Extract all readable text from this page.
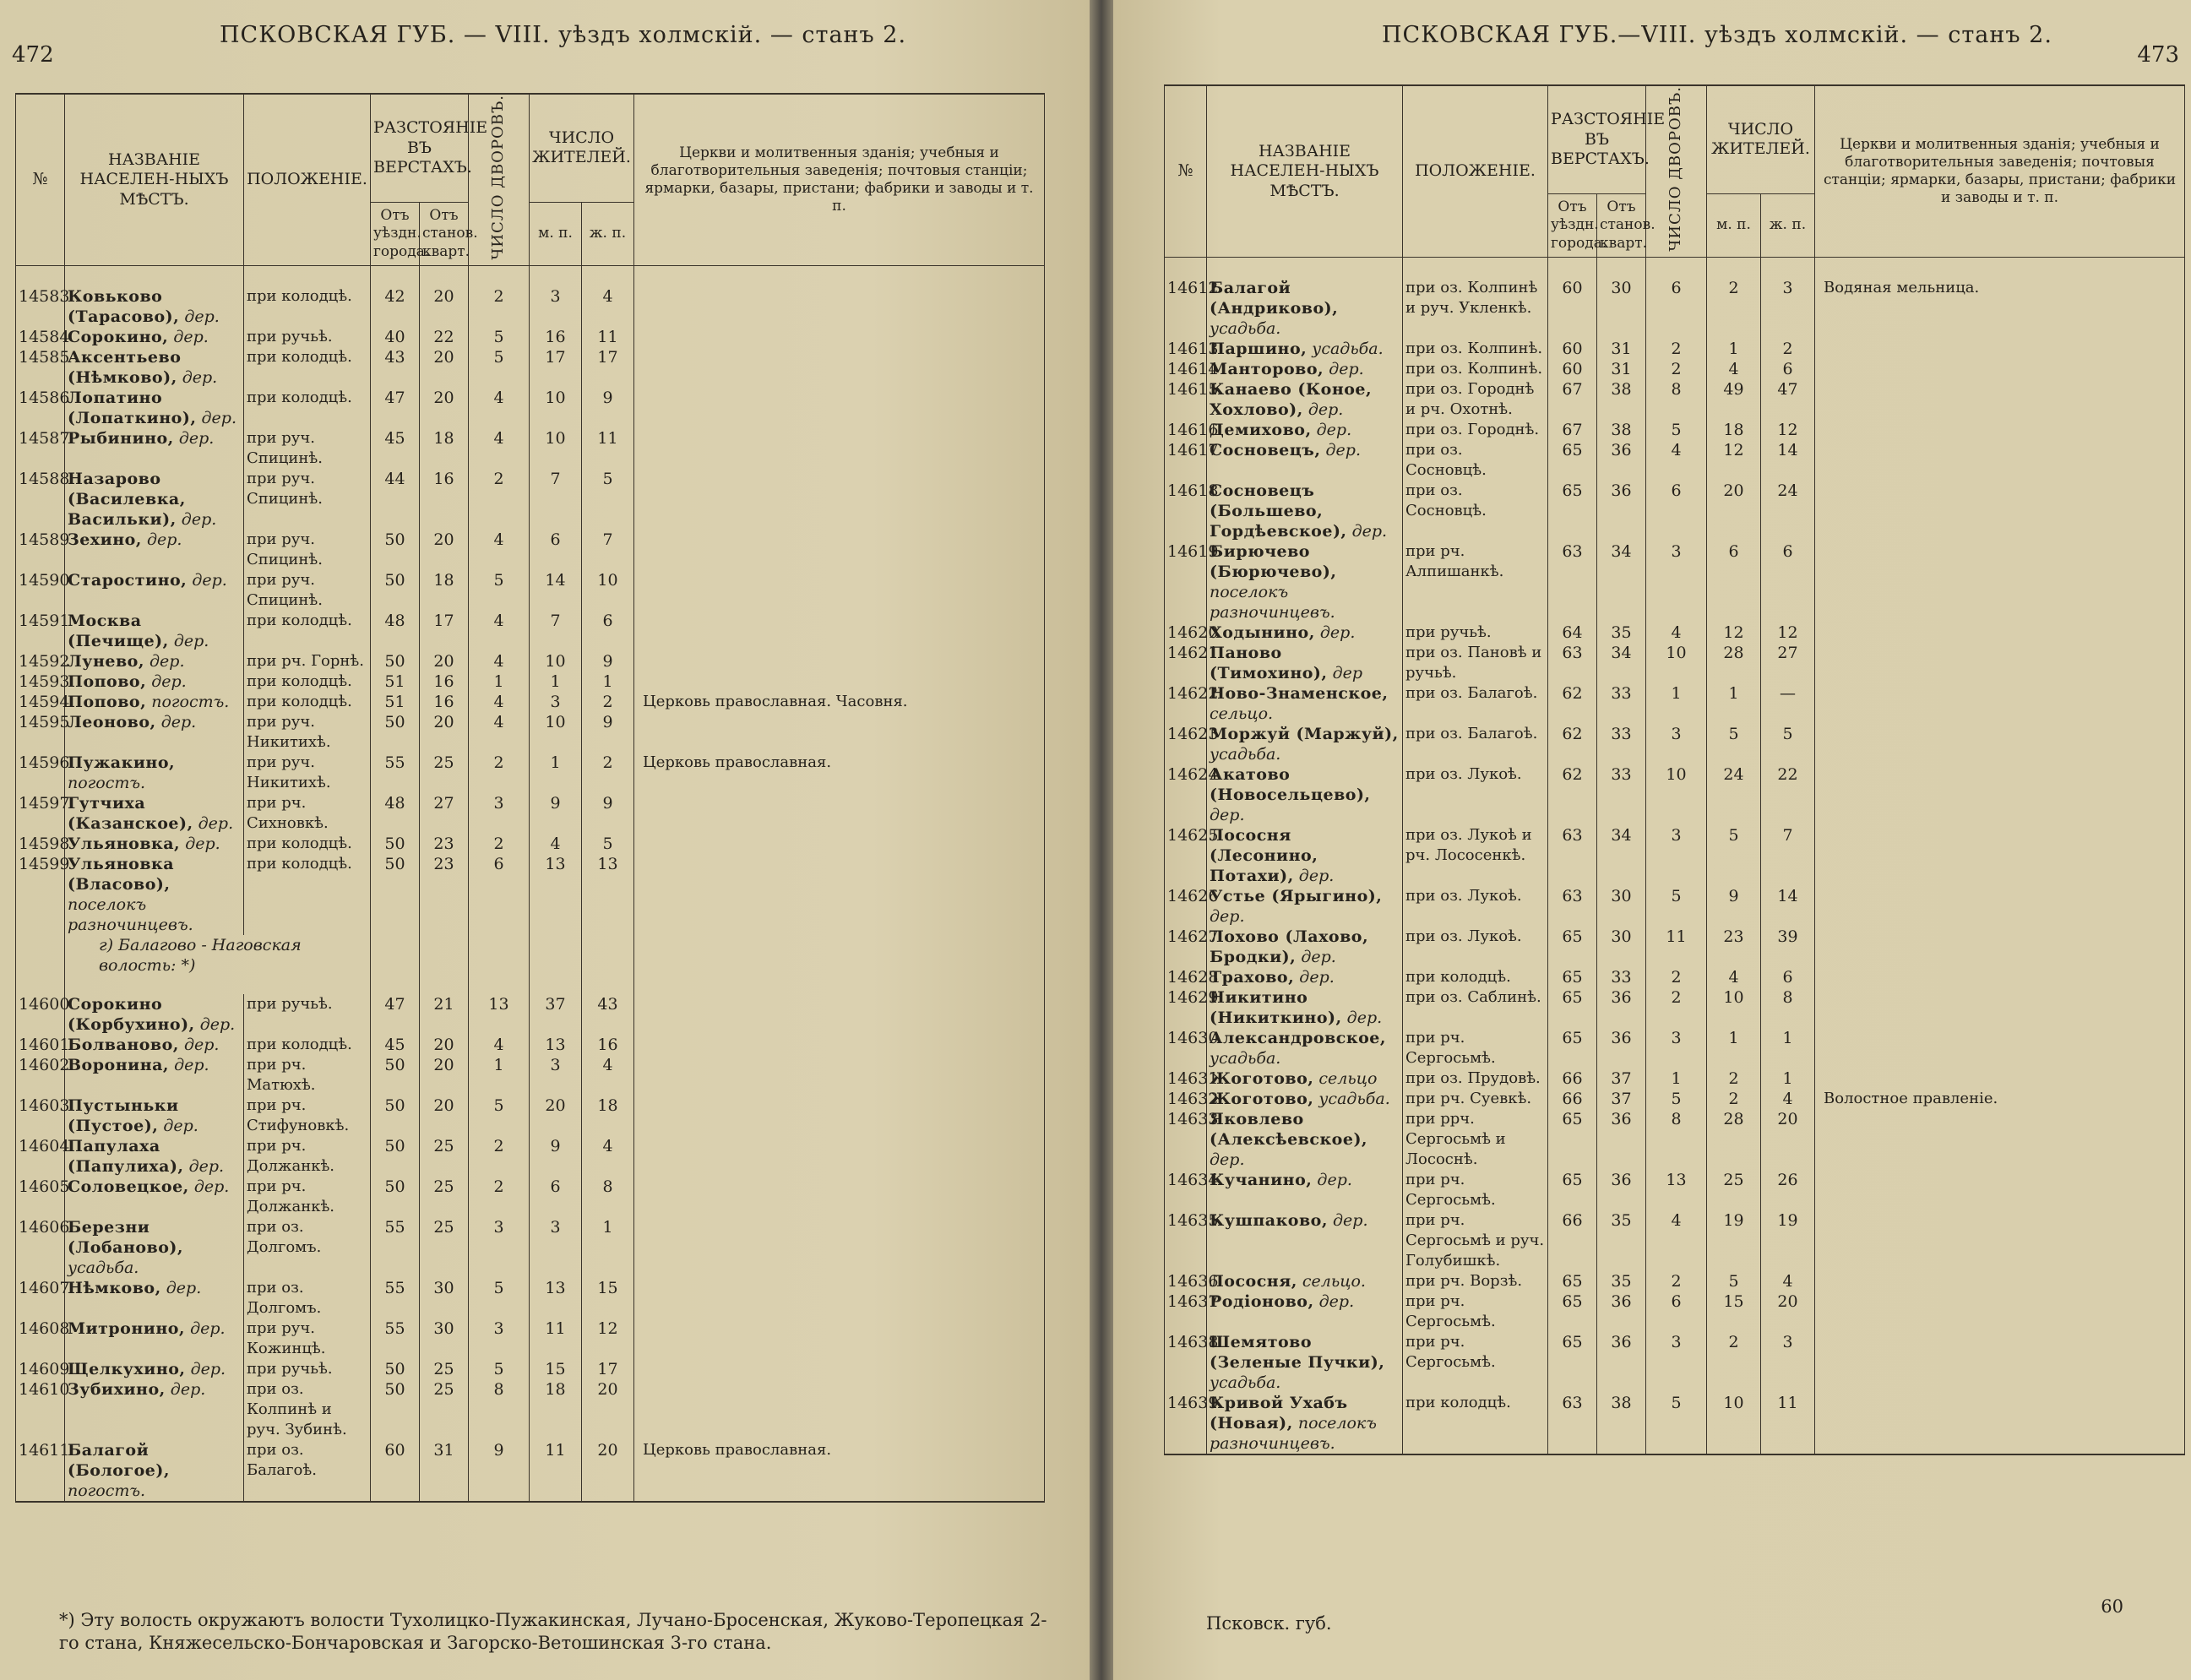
472
ПСКОВСКАЯ ГУБ. — VIII. уѣздъ холмскій. — станъ 2.
№	НАЗВАНІЕ НАСЕЛЕН-НЫХЪ МѢСТЪ.	ПОЛОЖЕНІЕ.	РАЗСТОЯНІЕ ВЪ ВЕРСТАХЪ.		ЧИСЛО ДВОРОВЪ.	ЧИСЛО ЖИТЕЛЕЙ.		Церкви и молитвенныя зданія; учебныя и благотворительныя заведенія; почтовыя станціи; ярмарки, базары, пристани; фабрики и заводы и т. п.
			Отъ уѣздн. города.	Отъ станов. кварт.		м. п.	ж. п.	
14583	Ковьково (Тарасово), дер.	при колодцѣ.	42	20	2	3	4	
14584	Сорокино, дер.	при ручьѣ.	40	22	5	16	11	
14585	Аксентьево (Нѣмково), дер.	при колодцѣ.	43	20	5	17	17	
14586	Лопатино (Лопаткино), дер.	при колодцѣ.	47	20	4	10	9	
14587	Рыбинино, дер.	при руч. Спицинѣ.	45	18	4	10	11	
14588	Назарово (Василевка, Васильки), дер.	при руч. Спицинѣ.	44	16	2	7	5	
14589	Зехино, дер.	при руч. Спицинѣ.	50	20	4	6	7	
14590	Старостино, дер.	при руч. Спицинѣ.	50	18	5	14	10	
14591	Москва (Печище), дер.	при колодцѣ.	48	17	4	7	6	
14592	Лунево, дер.	при рч. Горнѣ.	50	20	4	10	9	
14593	Попово, дер.	при колодцѣ.	51	16	1	1	1	
14594	Попово, погостъ.	при колодцѣ.	51	16	4	3	2	Церковь православная. Часовня.
14595	Леоново, дер.	при руч. Никитихѣ.	50	20	4	10	9	
14596	Пужакино, погостъ.	при руч. Никитихѣ.	55	25	2	1	2	Церковь православная.
14597	Гутчиха (Казанское), дер.	при рч. Сихновкѣ.	48	27	3	9	9	
14598	Ульяновка, дер.	при колодцѣ.	50	23	2	4	5	
14599	Ульяновка (Власово), поселокъ разночинцевъ.	при колодцѣ.	50	23	6	13	13	
	г) Балагово - Наговская волость: *)							
14600	Сорокино (Корбухино), дер.	при ручьѣ.	47	21	13	37	43	
14601	Болваново, дер.	при колодцѣ.	45	20	4	13	16	
14602	Воронина, дер.	при рч. Матюхѣ.	50	20	1	3	4	
14603	Пустыньки (Пустое), дер.	при рч. Стифуновкѣ.	50	20	5	20	18	
14604	Папулаха (Папулиха), дер.	при рч. Должанкѣ.	50	25	2	9	4	
14605	Соловецкое, дер.	при рч. Должанкѣ.	50	25	2	6	8	
14606	Березни (Лобаново), усадьба.	при оз. Долгомъ.	55	25	3	3	1	
14607	Нѣмково, дер.	при оз. Долгомъ.	55	30	5	13	15	
14608	Митронино, дер.	при руч. Кожинцѣ.	55	30	3	11	12	
14609	Щелкухино, дер.	при ручьѣ.	50	25	5	15	17	
14610	Зубихино, дер.	при оз. Колпинѣ и руч. Зубинѣ.	50	25	8	18	20	
14611	Балагой (Бологое), погостъ.	при оз. Балагоѣ.	60	31	9	11	20	Церковь православная.
*) Эту волость окружаютъ волости Тухолицко-Пужакинская, Лучано-Бросенская, Жуково-Теропецкая 2-го стана, Княжесельско-Бончаровская и Загорско-Ветошинская 3-го стана.
473
ПСКОВСКАЯ ГУБ.—VIII. уѣздъ холмскій. — станъ 2.
№	НАЗВАНІЕ НАСЕЛЕН-НЫХЪ МѢСТЪ.	ПОЛОЖЕНІЕ.	РАЗСТОЯНІЕ ВЪ ВЕРСТАХЪ.		ЧИСЛО ДВОРОВЪ.	ЧИСЛО ЖИТЕЛЕЙ.		Церкви и молитвенныя зданія; учебныя и благотворительныя заведенія; почтовыя станціи; ярмарки, базары, пристани; фабрики и заводы и т. п.
			Отъ уѣздн. города.	Отъ станов. кварт.		м. п.	ж. п.	
14612	Балагой (Андриково), усадьба.	при оз. Колпинѣ и руч. Укленкѣ.	60	30	6	2	3	Водяная мельница.
14613	Паршино, усадьба.	при оз. Колпинѣ.	60	31	2	1	2	
14614	Манторово, дер.	при оз. Колпинѣ.	60	31	2	4	6	
14615	Канаево (Коное, Хохлово), дер.	при оз. Городнѣ и рч. Охотнѣ.	67	38	8	49	47	
14616	Демихово, дер.	при оз. Городнѣ.	67	38	5	18	12	
14617	Сосновецъ, дер.	при оз. Сосновцѣ.	65	36	4	12	14	
14618	Сосновецъ (Большево, Гордѣевское), дер.	при оз. Сосновцѣ.	65	36	6	20	24	
14619	Бирючево (Бюрючево), поселокъ разночинцевъ.	при рч. Алпишанкѣ.	63	34	3	6	6	
14620	Ходынино, дер.	при ручьѣ.	64	35	4	12	12	
14621	Паново (Тимохино), дер	при оз. Пановѣ и ручьѣ.	63	34	10	28	27	
14622	Ново-Знаменское, сельцо.	при оз. Балагоѣ.	62	33	1	1	—	
14623	Моржуй (Маржуй), усадьба.	при оз. Балагоѣ.	62	33	3	5	5	
14624	Акатово (Новосельцево), дер.	при оз. Лукоѣ.	62	33	10	24	22	
14625	Лососня (Лесонино, Потахи), дер.	при оз. Лукоѣ и рч. Лососенкѣ.	63	34	3	5	7	
14626	Устье (Ярыгино), дер.	при оз. Лукоѣ.	63	30	5	9	14	
14627	Лохово (Лахово, Бродки), дер.	при оз. Лукоѣ.	65	30	11	23	39	
14628	Трахово, дер.	при колодцѣ.	65	33	2	4	6	
14629	Никитино (Никиткино), дер.	при оз. Саблинѣ.	65	36	2	10	8	
14630	Александровское, усадьба.	при рч. Сергосьмѣ.	65	36	3	1	1	
14631	Жоготово, сельцо	при оз. Прудовѣ.	66	37	1	2	1	
14632	Жоготово, усадьба.	при рч. Суевкѣ.	66	37	5	2	4	Волостное правленіе.
14633	Яковлево (Алексѣевское), дер.	при ррч. Сергосьмѣ и Лососнѣ.	65	36	8	28	20	
14634	Кучанино, дер.	при рч. Сергосьмѣ.	65	36	13	25	26	
14635	Кушпаково, дер.	при рч. Сергосьмѣ и руч. Голубишкѣ.	66	35	4	19	19	
14636	Лососня, сельцо.	при рч. Ворзѣ.	65	35	2	5	4	
14637	Родіоново, дер.	при рч. Сергосьмѣ.	65	36	6	15	20	
14638	Шемятово (Зеленые Пучки), усадьба.	при рч. Сергосьмѣ.	65	36	3	2	3	
14639	Кривой Ухабъ (Новая), поселокъ разночинцевъ.	при колодцѣ.	63	38	5	10	11	
Псковск. губ.
60
